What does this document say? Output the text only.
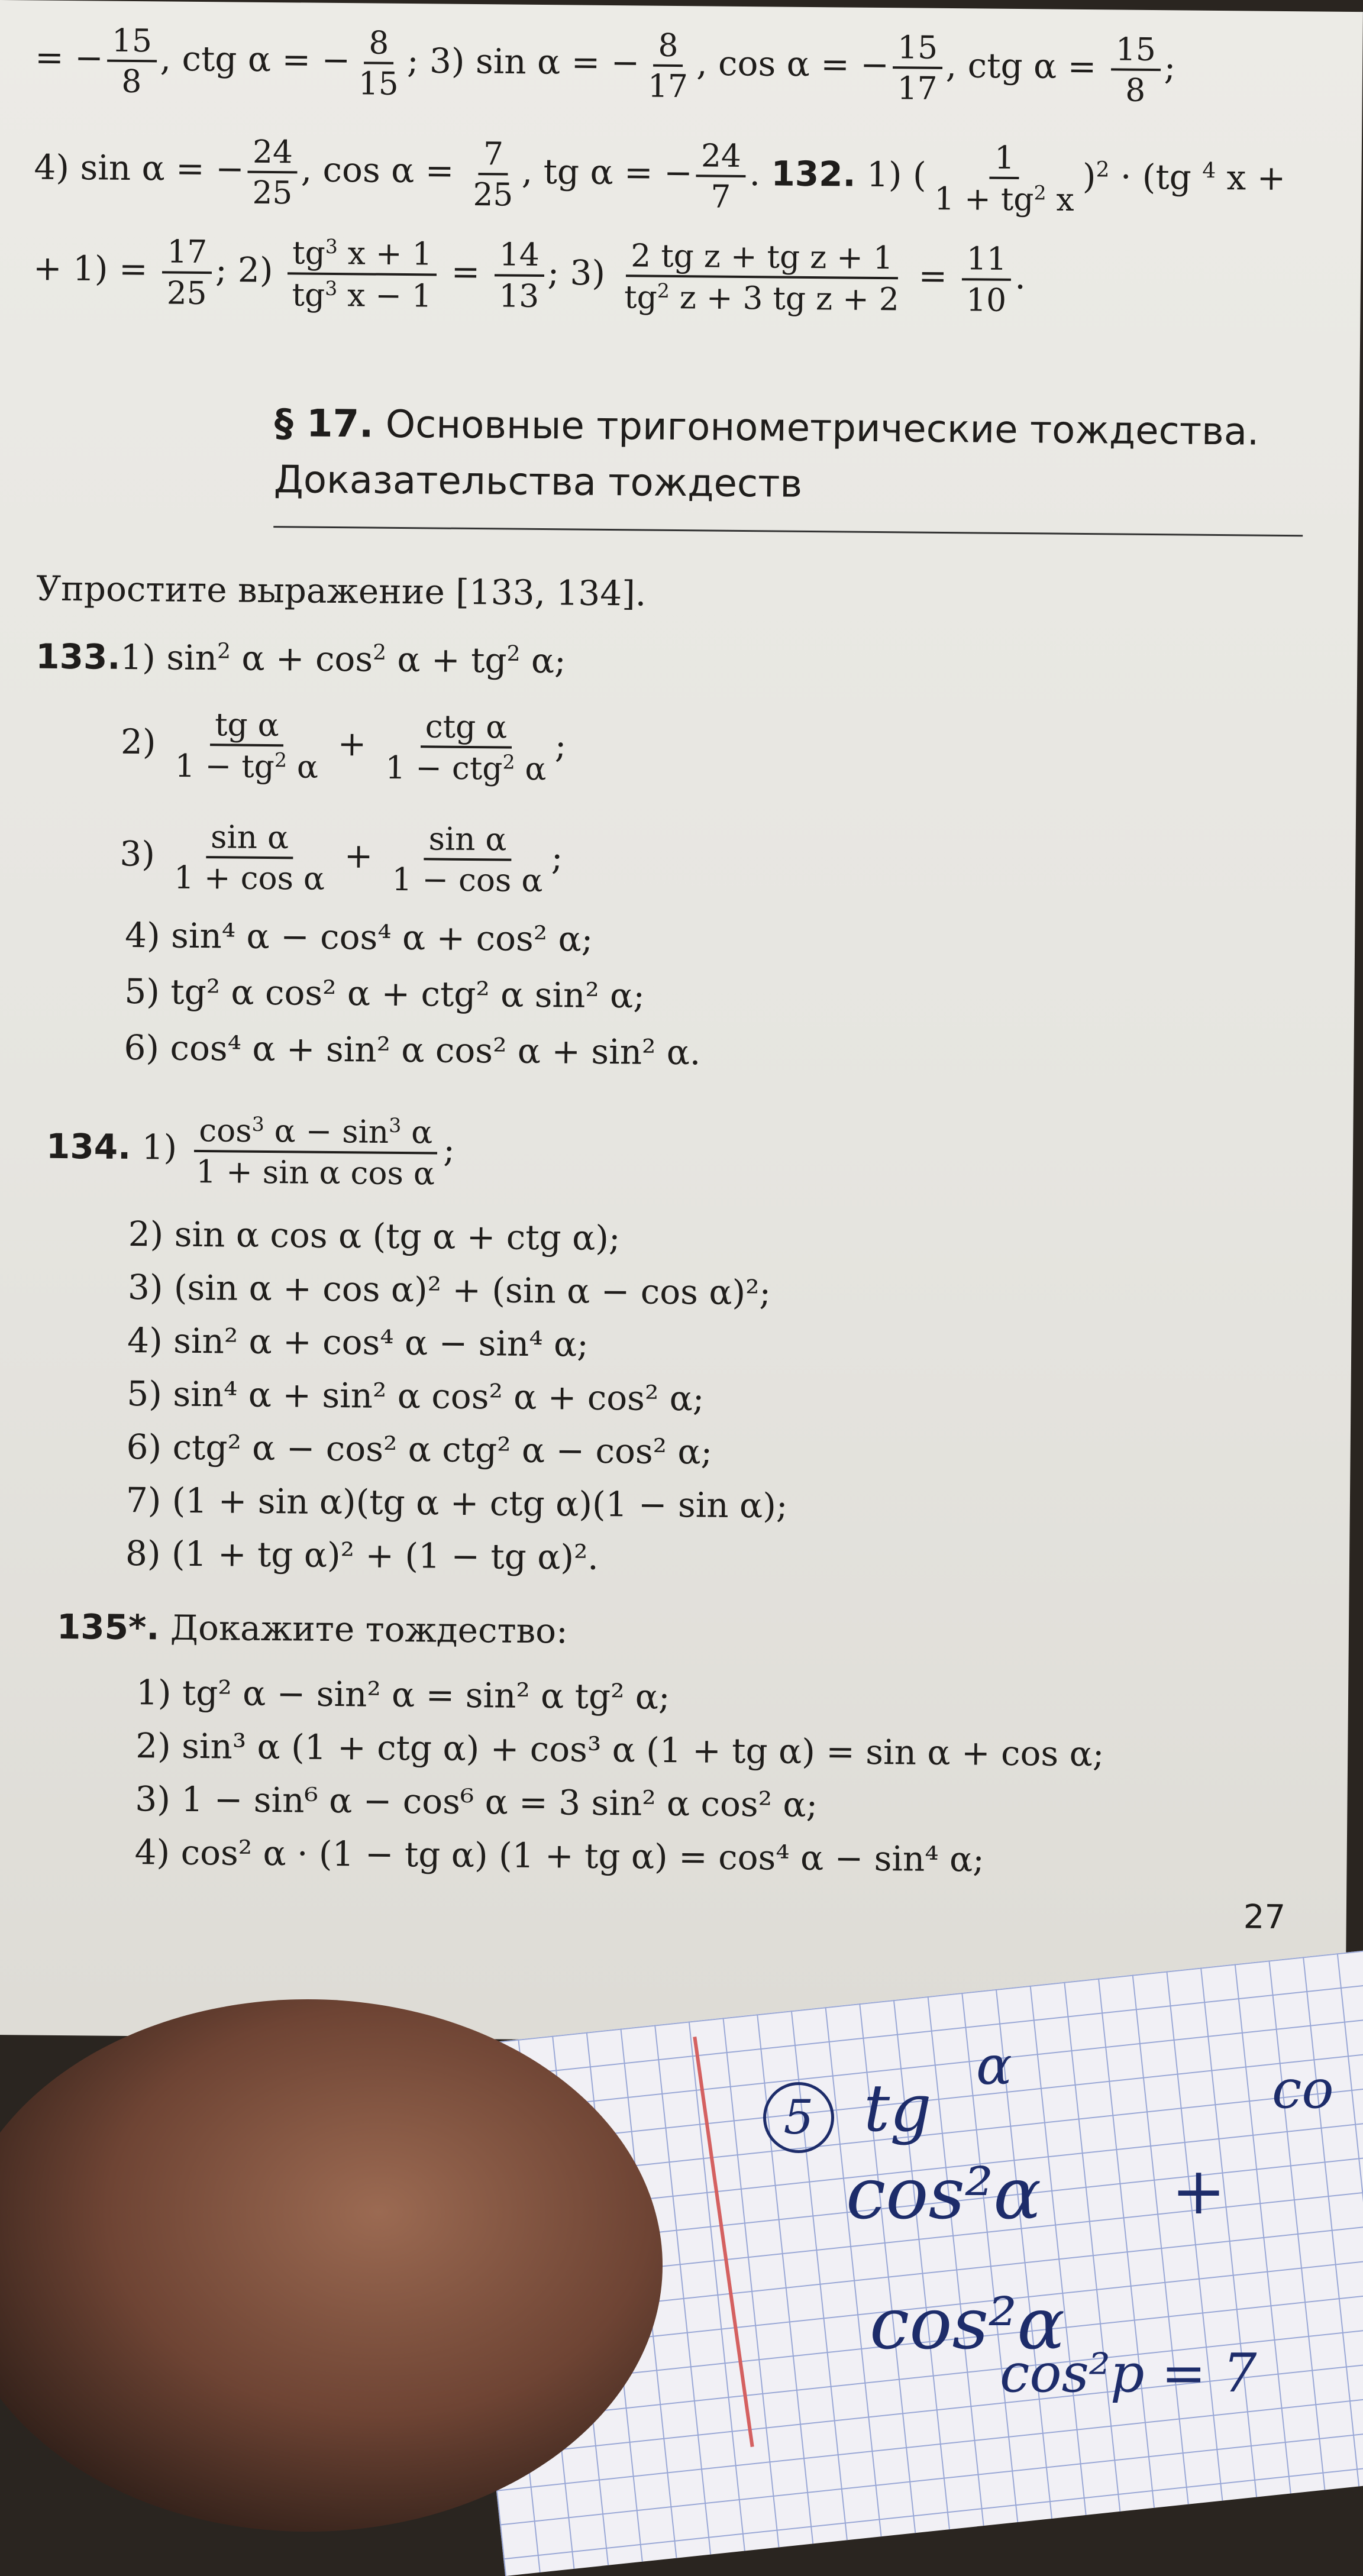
= − $\frac{15}{8}$ , ctg α = − $\frac{8}{15}$ ; 3) sin α = − $\frac{8}{17}$ , cos α = − $\frac{15}{17}$ , ctg $\alpha = \frac{15}{8}$ ;
4) sin α = − $\frac{24}{25}$ , $\cos \alpha = \frac{7}{25}$ , tg α = − $\frac{24}{7}$ . 132. 1) ( $\frac{1}{1 + tg^2 x} )^2 \cdot (tg$ $^4$ x +
+ $1) = \frac{17}{25}$ ; $2) \frac{tg^3 x + 1}{tg^3 x - 1} = \frac{14}{13}$ ; $3) \frac{\text{2 tg z + tg z + 1}}{tg^2 z + 3 tg z + 2} = \frac{11}{10}$ .
§ 17. Основные тригонометрические тождества.
Доказательства тождеств
Упростите выражение [133, 134].
133.1) $\sin^2 \alpha + \cos^2 \alpha + tg^2$ α;
$2) \frac{\text{tg α}}{1 - tg^2 \alpha} + \frac{\text{ctg α}}{1 - ctg^2 \alpha}$ ;
$3) \frac{\text{sin α}}{\text{1 + cos α}} + \frac{\text{sin α}}{\text{1 − cos α}}$ ;
4) sin⁴ α − cos⁴ α + cos² α;
5) tg² α cos² α + ctg² α sin² α;
6) cos⁴ α + sin² α cos² α + sin² α.
134. $1) \frac{\cos^3 \alpha - \sin^3 \alpha}{\text{1 + sin α cos α}}$ ;
2) sin α cos α (tg α + ctg α);
3) (sin α + cos α)² + (sin α − cos α)²;
4) sin² α + cos⁴ α − sin⁴ α;
5) sin⁴ α + sin² α cos² α + cos² α;
6) ctg² α − cos² α ctg² α − cos² α;
7) (1 + sin α)(tg α + ctg α)(1 − sin α);
8) (1 + tg α)² + (1 − tg α)².
135*. Докажите тождество:
1) tg² α − sin² α = sin² α tg² α;
2) sin³ α (1 + ctg α) + cos³ α (1 + tg α) = sin α + cos α;
3) 1 − sin⁶ α − cos⁶ α = 3 sin² α cos² α;
4) cos² α · (1 − tg α) (1 + tg α) = cos⁴ α − sin⁴ α;
27
5 tg
α	co
cos²α +
cos²α
cos²p = 7
